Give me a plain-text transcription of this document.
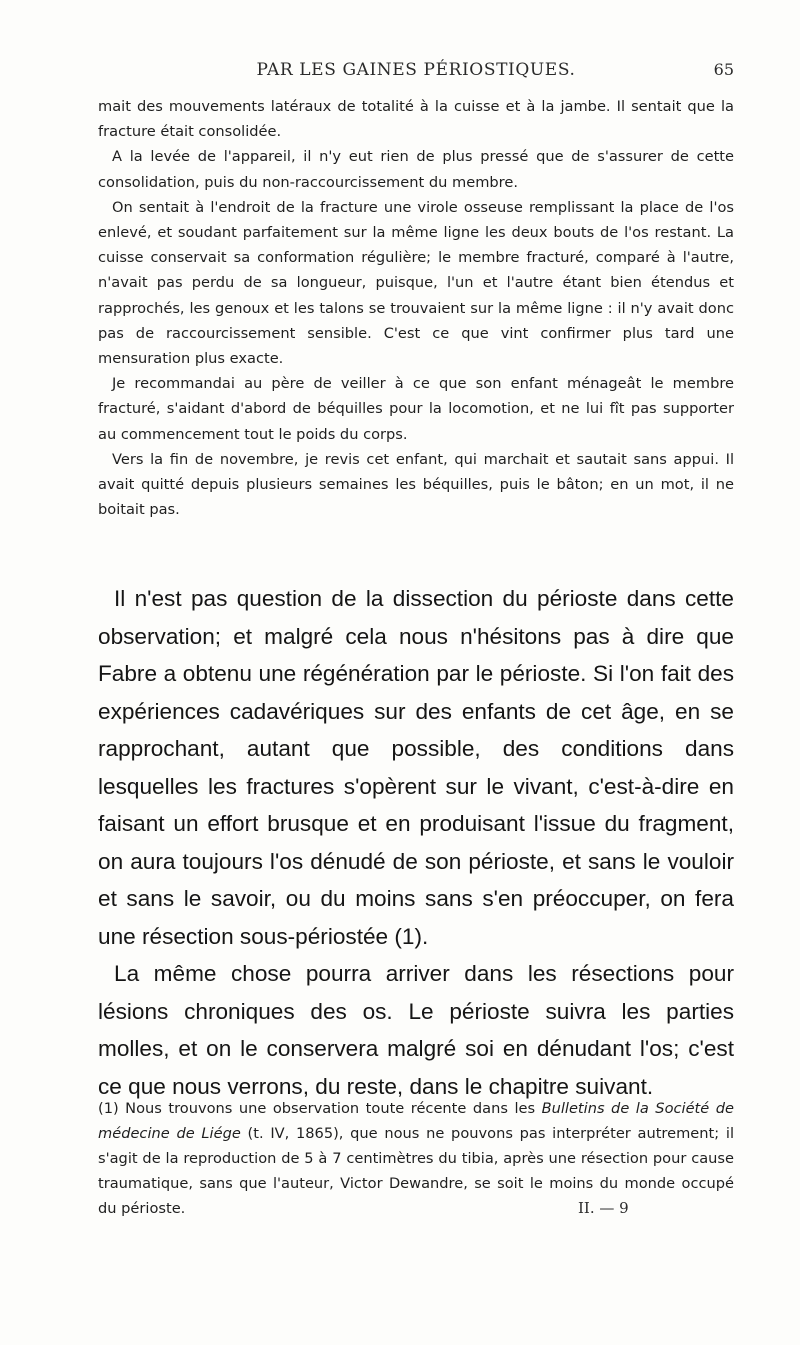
PAR LES GAINES PÉRIOSTIQUES.	65

mait des mouvements latéraux de totalité à la cuisse et à la jambe. Il sentait que la fracture était consolidée.

A la levée de l'appareil, il n'y eut rien de plus pressé que de s'assurer de cette consolidation, puis du non-raccourcissement du membre.

On sentait à l'endroit de la fracture une virole osseuse remplissant la place de l'os enlevé, et soudant parfaitement sur la même ligne les deux bouts de l'os restant. La cuisse conservait sa conformation régulière; le membre fracturé, comparé à l'autre, n'avait pas perdu de sa longueur, puisque, l'un et l'autre étant bien étendus et rapprochés, les genoux et les talons se trouvaient sur la même ligne : il n'y avait donc pas de raccourcissement sensible. C'est ce que vint confirmer plus tard une mensuration plus exacte.

Je recommandai au père de veiller à ce que son enfant ménageât le membre fracturé, s'aidant d'abord de béquilles pour la locomotion, et ne lui fît pas supporter au commencement tout le poids du corps.

Vers la fin de novembre, je revis cet enfant, qui marchait et sautait sans appui. Il avait quitté depuis plusieurs semaines les béquilles, puis le bâton; en un mot, il ne boitait pas.

Il n'est pas question de la dissection du périoste dans cette observation; et malgré cela nous n'hésitons pas à dire que Fabre a obtenu une régénération par le périoste. Si l'on fait des expériences cadavériques sur des enfants de cet âge, en se rapprochant, autant que possible, des conditions dans lesquelles les fractures s'opèrent sur le vivant, c'est-à-dire en faisant un effort brusque et en produisant l'issue du fragment, on aura toujours l'os dénudé de son périoste, et sans le vouloir et sans le savoir, ou du moins sans s'en préoccuper, on fera une résection sous-périostée (1).

La même chose pourra arriver dans les résections pour lésions chroniques des os. Le périoste suivra les parties molles, et on le conservera malgré soi en dénudant l'os; c'est ce que nous verrons, du reste, dans le chapitre suivant.

(1) Nous trouvons une observation toute récente dans les Bulletins de la Société de médecine de Liége (t. IV, 1865), que nous ne pouvons pas interpréter autrement; il s'agit de la reproduction de 5 à 7 centimètres du tibia, après une résection pour cause traumatique, sans que l'auteur, Victor Dewandre, se soit le moins du monde occupé du périoste.	II. — 9
